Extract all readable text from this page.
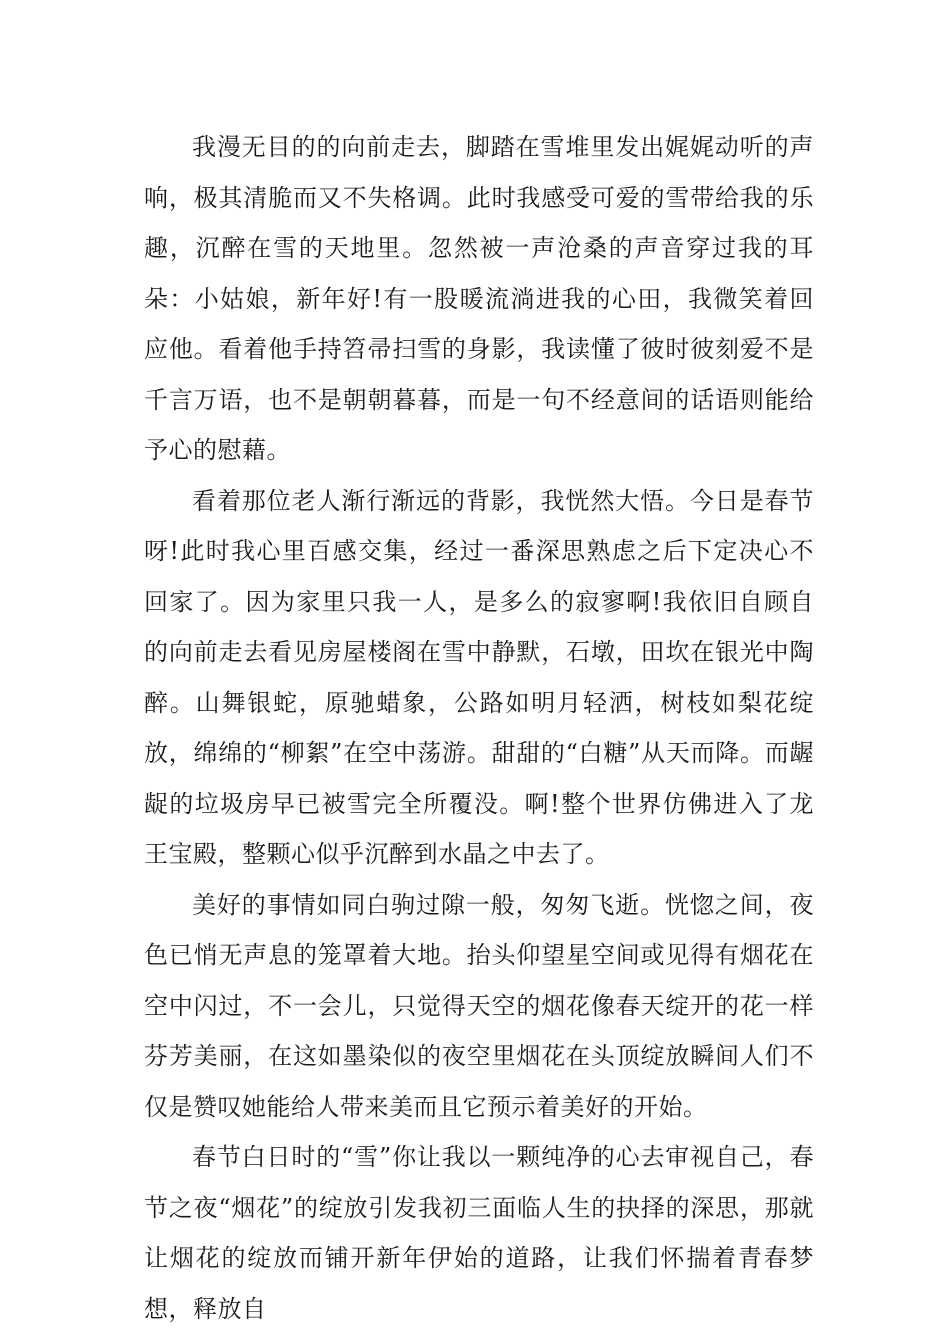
我漫无目的的向前走去，脚踏在雪堆里发出娓娓动听的声响，极其清脆而又不失格调。此时我感受可爱的雪带给我的乐趣，沉醉在雪的天地里。忽然被一声沧桑的声音穿过我的耳朵：小姑娘，新年好!有一股暖流淌进我的心田，我微笑着回应他。看着他手持笤帚扫雪的身影，我读懂了彼时彼刻爱不是千言万语，也不是朝朝暮暮，而是一句不经意间的话语则能给予心的慰藉。

看着那位老人渐行渐远的背影，我恍然大悟。今日是春节呀!此时我心里百感交集，经过一番深思熟虑之后下定决心不回家了。因为家里只我一人，是多么的寂寥啊!我依旧自顾自的向前走去看见房屋楼阁在雪中静默，石墩，田坎在银光中陶醉。山舞银蛇，原驰蜡象，公路如明月轻洒，树枝如梨花绽放，绵绵的“柳絮”在空中荡游。甜甜的“白糖”从天而降。而龌龊的垃圾房早已被雪完全所覆没。啊!整个世界仿佛进入了龙王宝殿，整颗心似乎沉醉到水晶之中去了。

美好的事情如同白驹过隙一般，匆匆飞逝。恍惚之间，夜色已悄无声息的笼罩着大地。抬头仰望星空间或见得有烟花在空中闪过，不一会儿，只觉得天空的烟花像春天绽开的花一样芬芳美丽，在这如墨染似的夜空里烟花在头顶绽放瞬间人们不仅是赞叹她能给人带来美而且它预示着美好的开始。

春节白日时的“雪”你让我以一颗纯净的心去审视自己，春节之夜“烟花”的绽放引发我初三面临人生的抉择的深思，那就让烟花的绽放而铺开新年伊始的道路，让我们怀揣着青春梦想，释放自
